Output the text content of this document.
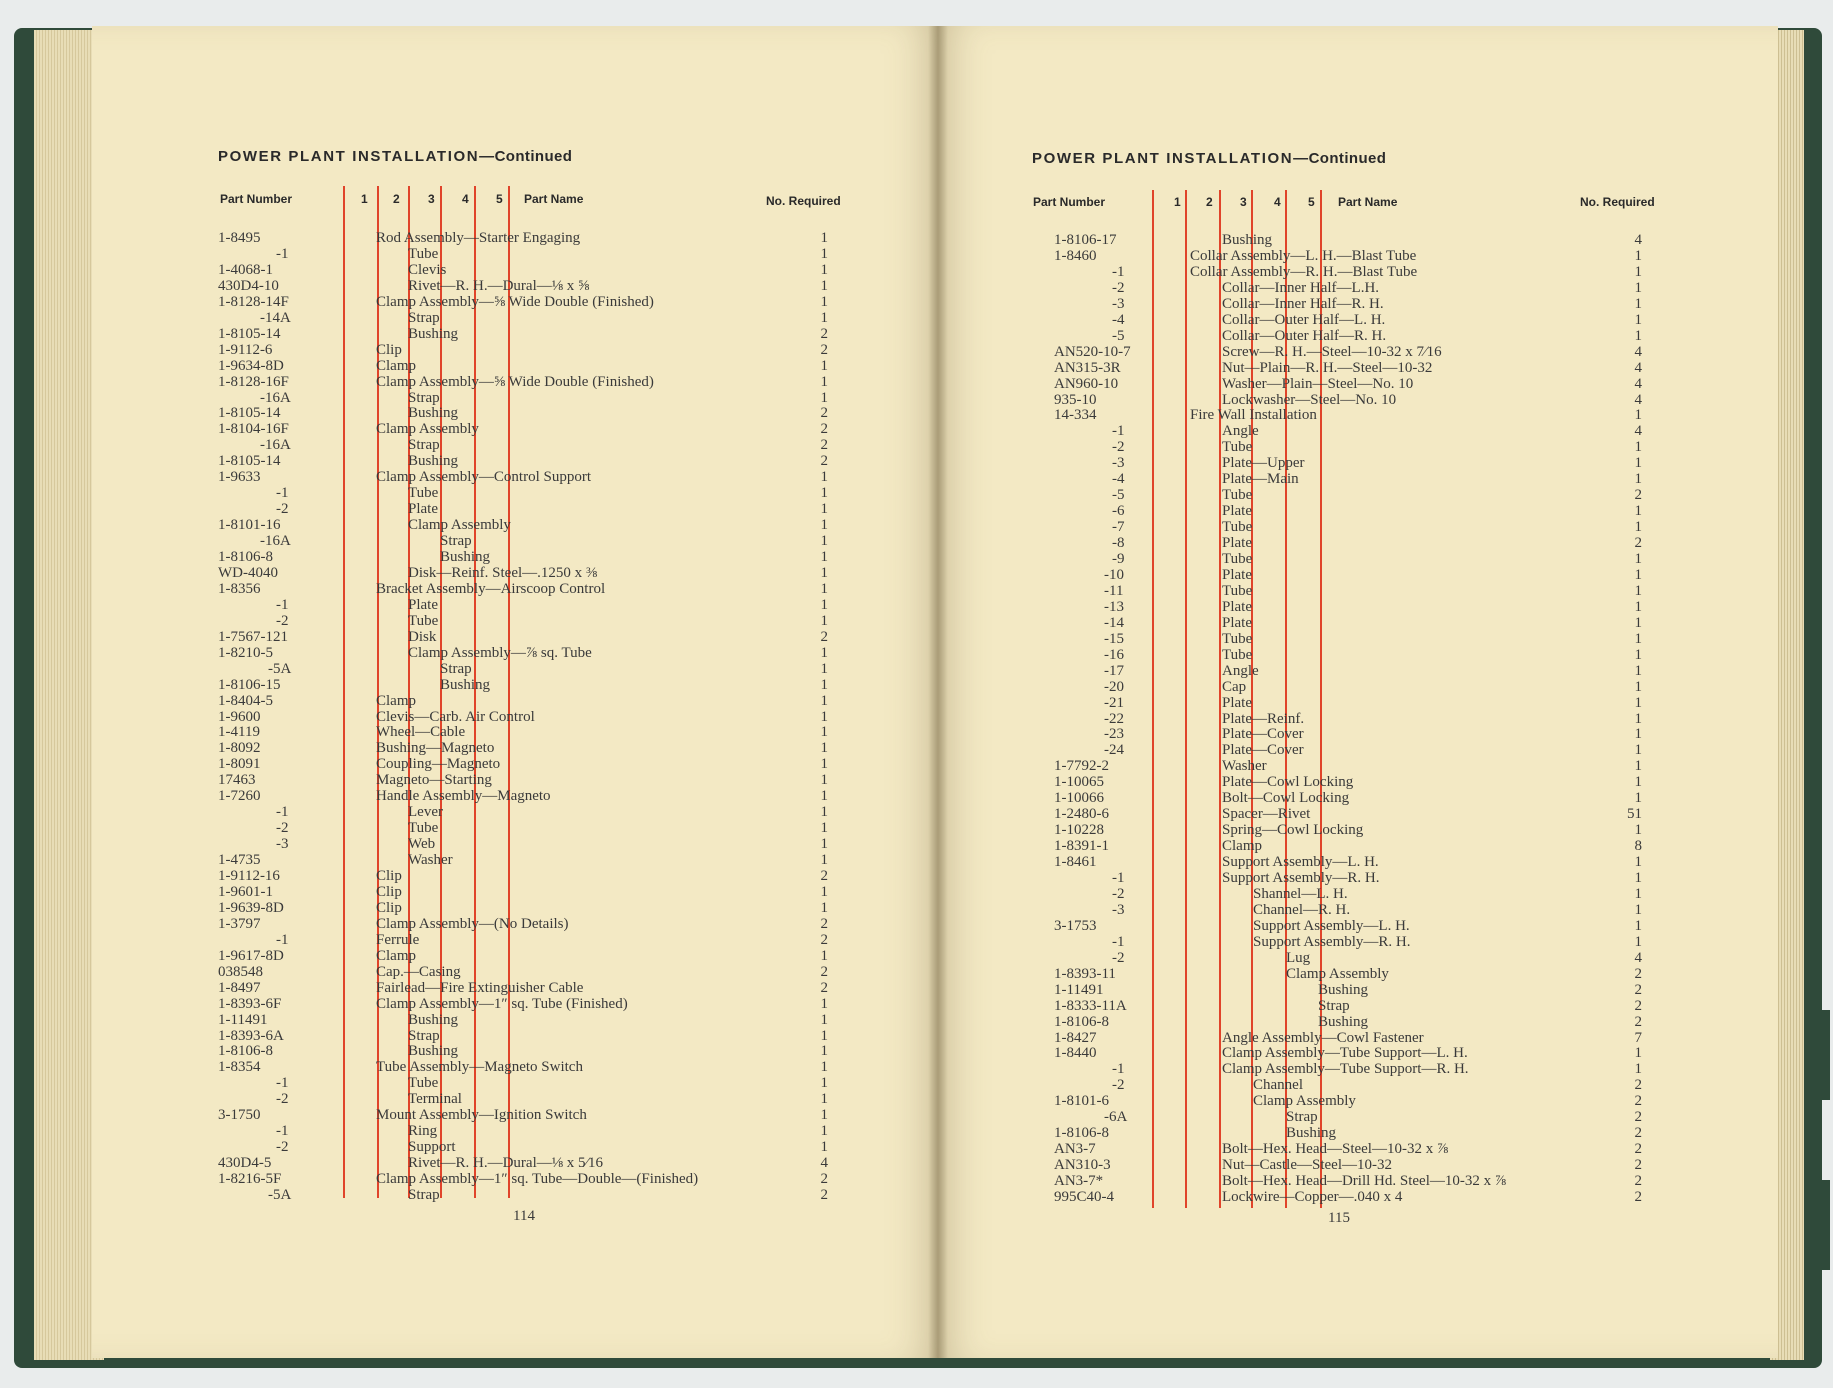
POWER PLANT INSTALLATION—Continued
Part Number	1 2 3 4 5 Part Name	No. Required
1-8495	Rod Assembly—Starter Engaging	1
-1	Tube	1
1-4068-1	Clevis	1
430D4-10	Rivet—R. H.—Dural—⅛ x ⅝	1
1-8128-14F	Clamp Assembly—⅝ Wide Double (Finished)	1
-14A	Strap	1
1-8105-14	Bushing	2
1-9112-6	Clip	2
1-9634-8D	Clamp	1
1-8128-16F	Clamp Assembly—⅝ Wide Double (Finished)	1
-16A	Strap	1
1-8105-14	Bushing	2
1-8104-16F	Clamp Assembly	2
-16A	Strap	2
1-8105-14	Bushing	2
1-9633	Clamp Assembly—Control Support	1
-1	Tube	1
-2	Plate	1
1-8101-16	Clamp Assembly	1
-16A	Strap	1
1-8106-8	Bushing	1
WD-4040	Disk—Reinf. Steel—.1250 x ⅜	1
1-8356	Bracket Assembly—Airscoop Control	1
-1	Plate	1
-2	Tube	1
1-7567-121	Disk	2
1-8210-5	Clamp Assembly—⅞ sq. Tube	1
-5A	Strap	1
1-8106-15	Bushing	1
1-8404-5	Clamp	1
1-9600	Clevis—Carb. Air Control	1
1-4119	Wheel—Cable	1
1-8092	Bushing—Magneto	1
1-8091	Coupling—Magneto	1
17463	Magneto—Starting	1
1-7260	Handle Assembly—Magneto	1
-1	Lever	1
-2	Tube	1
-3	Web	1
1-4735	Washer	1
1-9112-16	Clip	2
1-9601-1	Clip	1
1-9639-8D	Clip	1
1-3797	Clamp Assembly—(No Details)	2
-1	Ferrule	2
1-9617-8D	Clamp	1
038548	Cap.—Casing	2
1-8497	Fairlead—Fire Extinguisher Cable	2
1-8393-6F	Clamp Assembly—1″ sq. Tube (Finished)	1
1-11491	Bushing	1
1-8393-6A	Strap	1
1-8106-8	Bushing	1
1-8354	Tube Assembly—Magneto Switch	1
-1	Tube	1
-2	Terminal	1
3-1750	Mount Assembly—Ignition Switch	1
-1	Ring	1
-2	Support	1
430D4-5	Rivet—R. H.—Dural—⅛ x 5⁄16	4
1-8216-5F	Clamp Assembly—1″ sq. Tube—Double—(Finished)	2
-5A	Strap	2
114
POWER PLANT INSTALLATION—Continued
Part Number	1 2 3 4 5 Part Name	No. Required
1-8106-17	Bushing	4
1-8460	Collar Assembly—L. H.—Blast Tube	1
-1	Collar Assembly—R. H.—Blast Tube	1
-2	Collar—Inner Half—L.H.	1
-3	Collar—Inner Half—R. H.	1
-4	Collar—Outer Half—L. H.	1
-5	Collar—Outer Half—R. H.	1
AN520-10-7	Screw—R. H.—Steel—10-32 x 7⁄16	4
AN315-3R	Nut—Plain—R. H.—Steel—10-32	4
AN960-10	Washer—Plain—Steel—No. 10	4
935-10	Lockwasher—Steel—No. 10	4
14-334	Fire Wall Installation	1
-1	Angle	4
-2	Tube	1
-3	Plate—Upper	1
-4	Plate—Main	1
-5	Tube	2
-6	Plate	1
-7	Tube	1
-8	Plate	2
-9	Tube	1
-10	Plate	1
-11	Tube	1
-13	Plate	1
-14	Plate	1
-15	Tube	1
-16	Tube	1
-17	Angle	1
-20	Cap	1
-21	Plate	1
-22	Plate—Reinf.	1
-23	Plate—Cover	1
-24	Plate—Cover	1
1-7792-2	Washer	1
1-10065	Plate—Cowl Locking	1
1-10066	Bolt—Cowl Locking	1
1-2480-6	Spacer—Rivet	51
1-10228	Spring—Cowl Locking	1
1-8391-1	Clamp	8
1-8461	Support Assembly—L. H.	1
-1	Support Assembly—R. H.	1
-2	Shannel—L. H.	1
-3	Channel—R. H.	1
3-1753	Support Assembly—L. H.	1
-1	Support Assembly—R. H.	1
-2	Lug	4
1-8393-11	Clamp Assembly	2
1-11491	Bushing	2
1-8333-11A	Strap	2
1-8106-8	Bushing	2
1-8427	Angle Assembly—Cowl Fastener	7
1-8440	Clamp Assembly—Tube Support—L. H.	1
-1	Clamp Assembly—Tube Support—R. H.	1
-2	Channel	2
1-8101-6	Clamp Assembly	2
-6A	Strap	2
1-8106-8	Bushing	2
AN3-7	Bolt—Hex. Head—Steel—10-32 x ⅞	2
AN310-3	Nut—Castle—Steel—10-32	2
AN3-7*	Bolt—Hex. Head—Drill Hd. Steel—10-32 x ⅞	2
995C40-4	Lockwire—Copper—.040 x 4	2
115
